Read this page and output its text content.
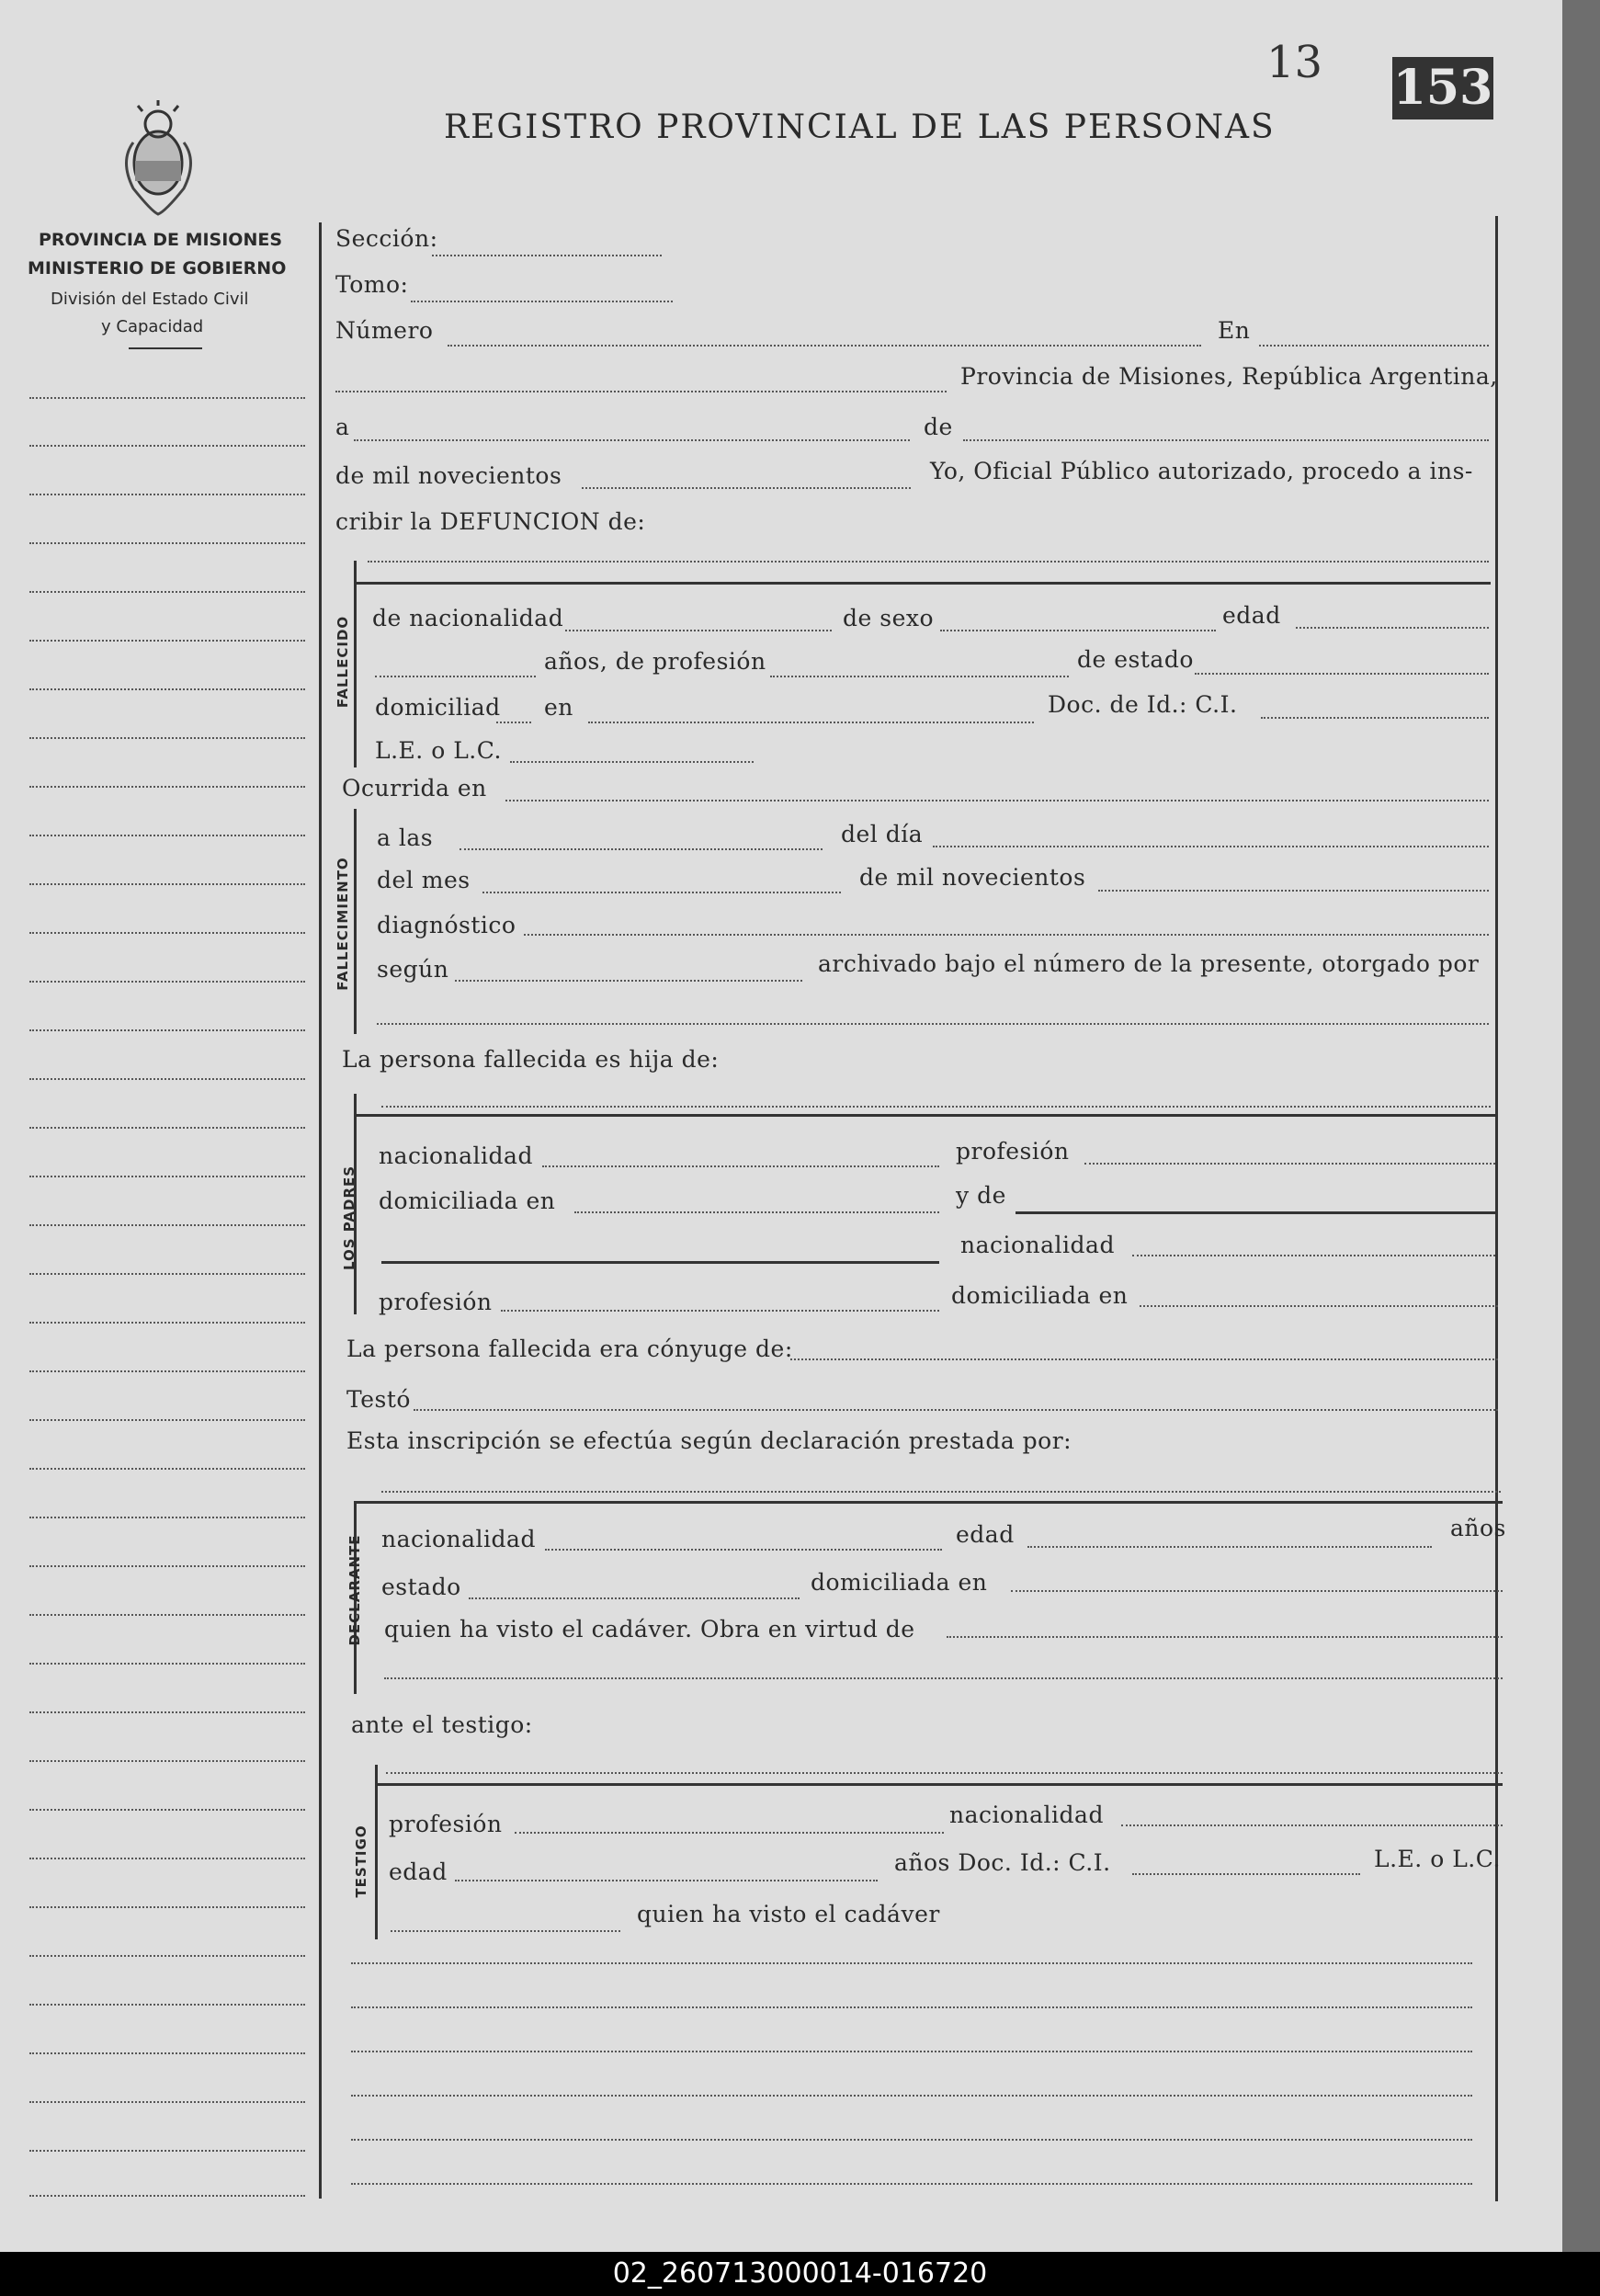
13 153
REGISTRO PROVINCIAL DE LAS PERSONAS
PROVINCIA DE MISIONES
MINISTERIO DE GOBIERNO
División del Estado Civil
y Capacidad
Sección:
Tomo:
Número	En
Provincia de Misiones, República Argentina,
a	de
de mil novecientos	Yo, Oficial Público autorizado, procedo a ins-
cribir la DEFUNCION de:
FALLECIDO de nacionalidad	de sexo	edad
años, de profesión	de estado
domiciliad en	Doc. de Id.: C.I.
L.E. o L.C.
Ocurrida en
FALLECIMIENTO
a las	del día
del mes	de mil novecientos
diagnóstico
según	archivado bajo el número de la presente, otorgado por
La persona fallecida es hija de:
LOS PADRES
nacionalidad	profesión
domiciliada en	y de
nacionalidad
profesión	domiciliada en
La persona fallecida era cónyuge de:
Testó
Esta inscripción se efectúa según declaración prestada por:
DECLARANTE nacionalidad	edad	años
estado	domiciliada en
quien ha visto el cadáver. Obra en virtud de
ante el testigo:
TESTIGO
profesión	nacionalidad
edad	años Doc. Id.: C.I.	L.E. o L.C.
quien ha visto el cadáver
02_260713000014-016720
